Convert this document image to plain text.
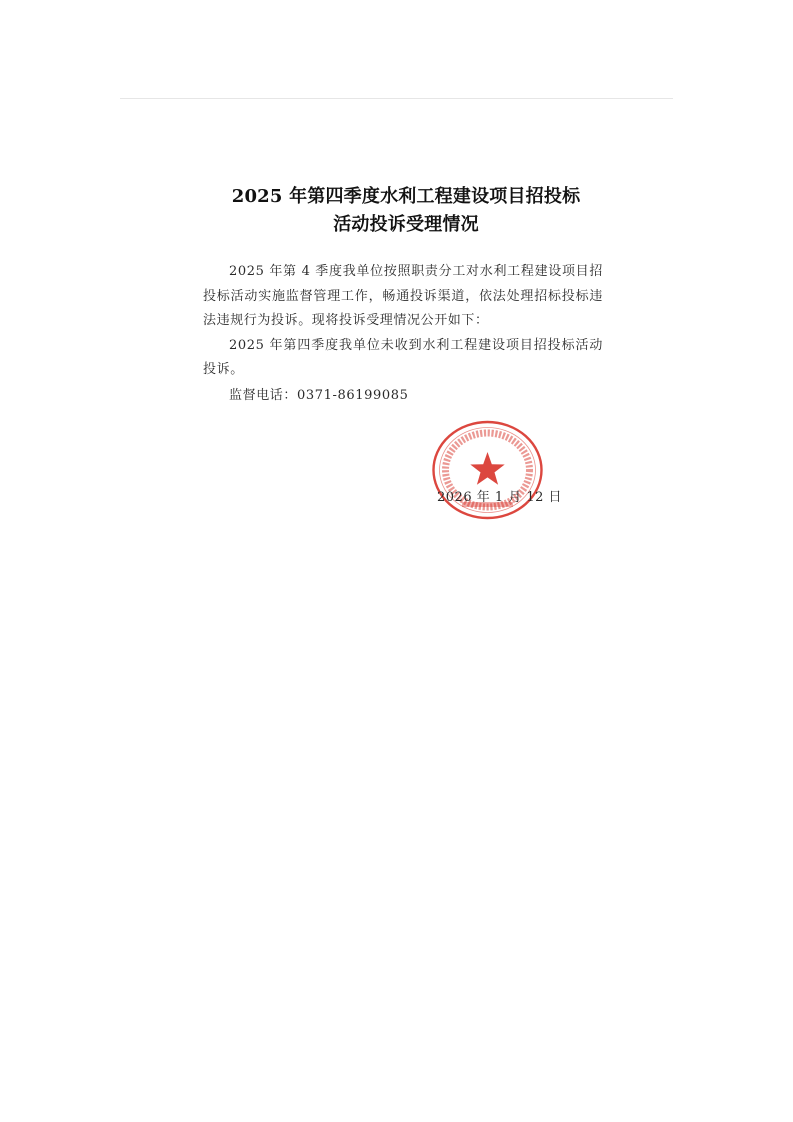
2025 年第四季度水利工程建设项目招投标
活动投诉受理情况

2025 年第 4 季度我单位按照职责分工对水利工程建设项目招投标活动实施监督管理工作，畅通投诉渠道，依法处理招标投标违法违规行为投诉。现将投诉受理情况公开如下：

2025 年第四季度我单位未收到水利工程建设项目招投标活动投诉。

监督电话：0371-86199085

2026 年 1 月 12 日
